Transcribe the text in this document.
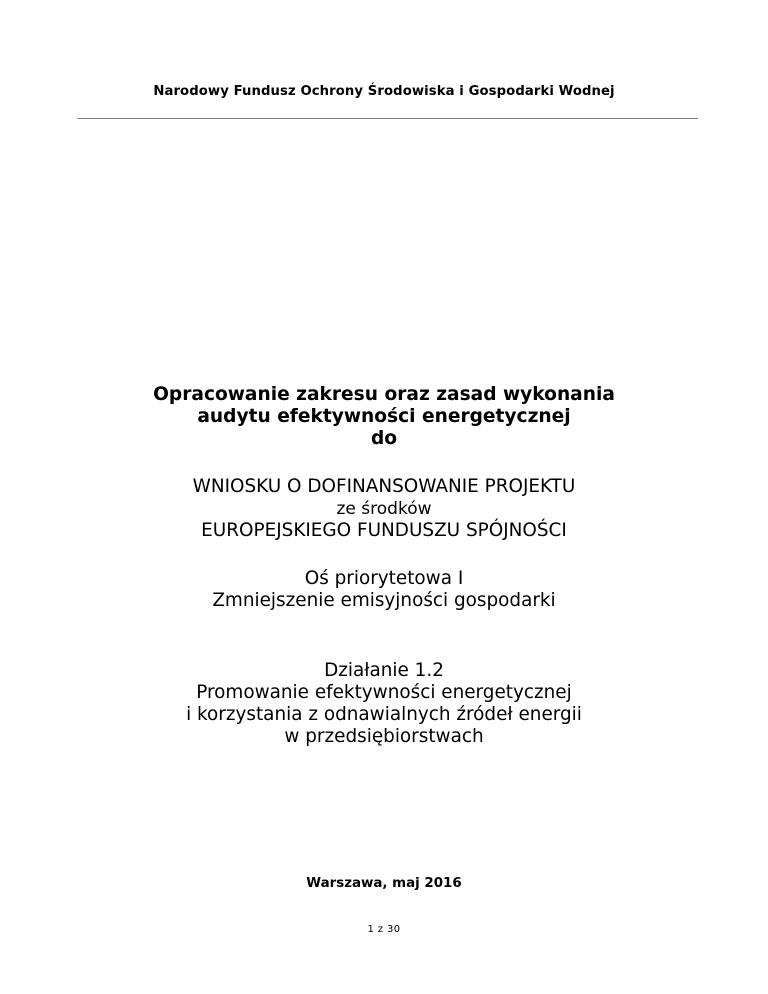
Narodowy Fundusz Ochrony Środowiska i Gospodarki Wodnej
Opracowanie zakresu oraz zasad wykonania
audytu efektywności energetycznej
do
WNIOSKU O DOFINANSOWANIE PROJEKTU
ze środków
EUROPEJSKIEGO FUNDUSZU SPÓJNOŚCI
Oś priorytetowa I
Zmniejszenie emisyjności gospodarki
Działanie 1.2
Promowanie efektywności energetycznej
i korzystania z odnawialnych źródeł energii
w przedsiębiorstwach
Warszawa, maj 2016
1 z 30
